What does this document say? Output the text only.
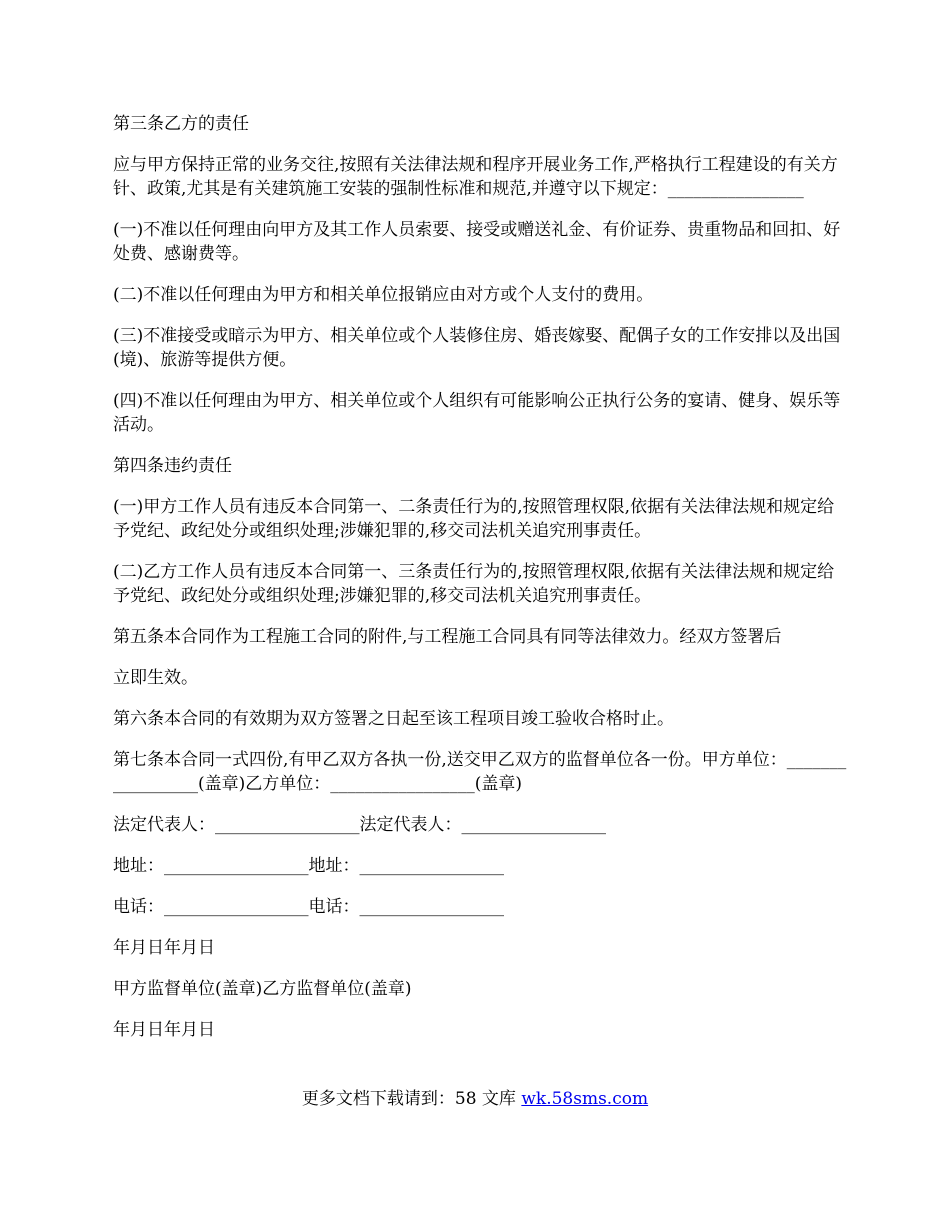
第三条乙方的责任

应与甲方保持正常的业务交往,按照有关法律法规和程序开展业务工作,严格执行工程建设的有关方针、政策,尤其是有关建筑施工安装的强制性标准和规范,并遵守以下规定：________________

(一)不准以任何理由向甲方及其工作人员索要、接受或赠送礼金、有价证券、贵重物品和回扣、好处费、感谢费等。

(二)不准以任何理由为甲方和相关单位报销应由对方或个人支付的费用。

(三)不准接受或暗示为甲方、相关单位或个人装修住房、婚丧嫁娶、配偶子女的工作安排以及出国(境)、旅游等提供方便。

(四)不准以任何理由为甲方、相关单位或个人组织有可能影响公正执行公务的宴请、健身、娱乐等活动。

第四条违约责任

(一)甲方工作人员有违反本合同第一、二条责任行为的,按照管理权限,依据有关法律法规和规定给予党纪、政纪处分或组织处理;涉嫌犯罪的,移交司法机关追究刑事责任。

(二)乙方工作人员有违反本合同第一、三条责任行为的,按照管理权限,依据有关法律法规和规定给予党纪、政纪处分或组织处理;涉嫌犯罪的,移交司法机关追究刑事责任。

第五条本合同作为工程施工合同的附件,与工程施工合同具有同等法律效力。经双方签署后

立即生效。

第六条本合同的有效期为双方签署之日起至该工程项目竣工验收合格时止。

第七条本合同一式四份,有甲乙双方各执一份,送交甲乙双方的监督单位各一份。甲方单位：_________________(盖章)乙方单位：_________________(盖章)

法定代表人：_________________法定代表人：_________________

地址：_________________地址：_________________

电话：_________________电话：_________________

年月日年月日

甲方监督单位(盖章)乙方监督单位(盖章)

年月日年月日

更多文档下载请到：58 文库 wk.58sms.com
